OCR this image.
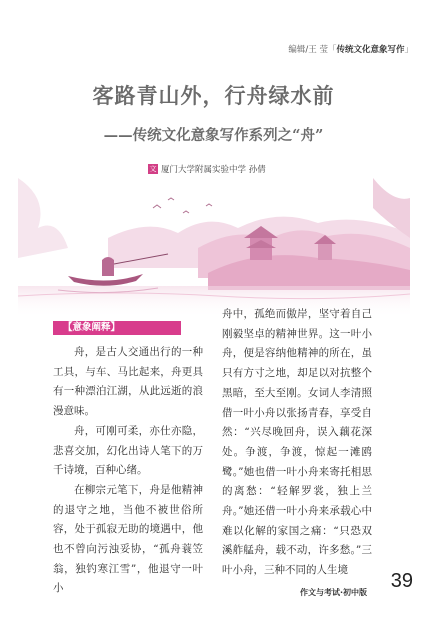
编辑/王 莹「传统文化意象写作」
客路青山外，行舟绿水前
——传统文化意象写作系列之“舟”
文 厦门大学附属实验中学 孙倩
【意象阐释】

舟，是古人交通出行的一种工具，与车、马比起来，舟更具有一种漂泊江湖，从此远逝的浪漫意味。

舟，可刚可柔，亦仕亦隐，悲喜交加，幻化出诗人笔下的万千诗境，百种心绪。

在柳宗元笔下，舟是他精神的退守之地，当他不被世俗所容，处于孤寂无助的境遇中，他也不曾向污浊妥协，“孤舟蓑笠翁，独钓寒江雪”，他退守一叶小

舟中，孤绝而傲岸，坚守着自己刚毅坚卓的精神世界。这一叶小舟，便是容纳他精神的所在，虽只有方寸之地，却足以对抗整个黑暗，至大至刚。女词人李清照借一叶小舟以张扬青春，享受自然：“兴尽晚回舟，误入藕花深处。争渡，争渡，惊起一滩鸥鹭。”她也借一叶小舟来寄托相思的离愁：“轻解罗裳，独上兰舟。”她还借一叶小舟来承载心中难以化解的家国之痛：“只恐双溪舴艋舟，载不动，许多愁。”三叶小舟，三种不同的人生境

作文与考试·初中版
39
